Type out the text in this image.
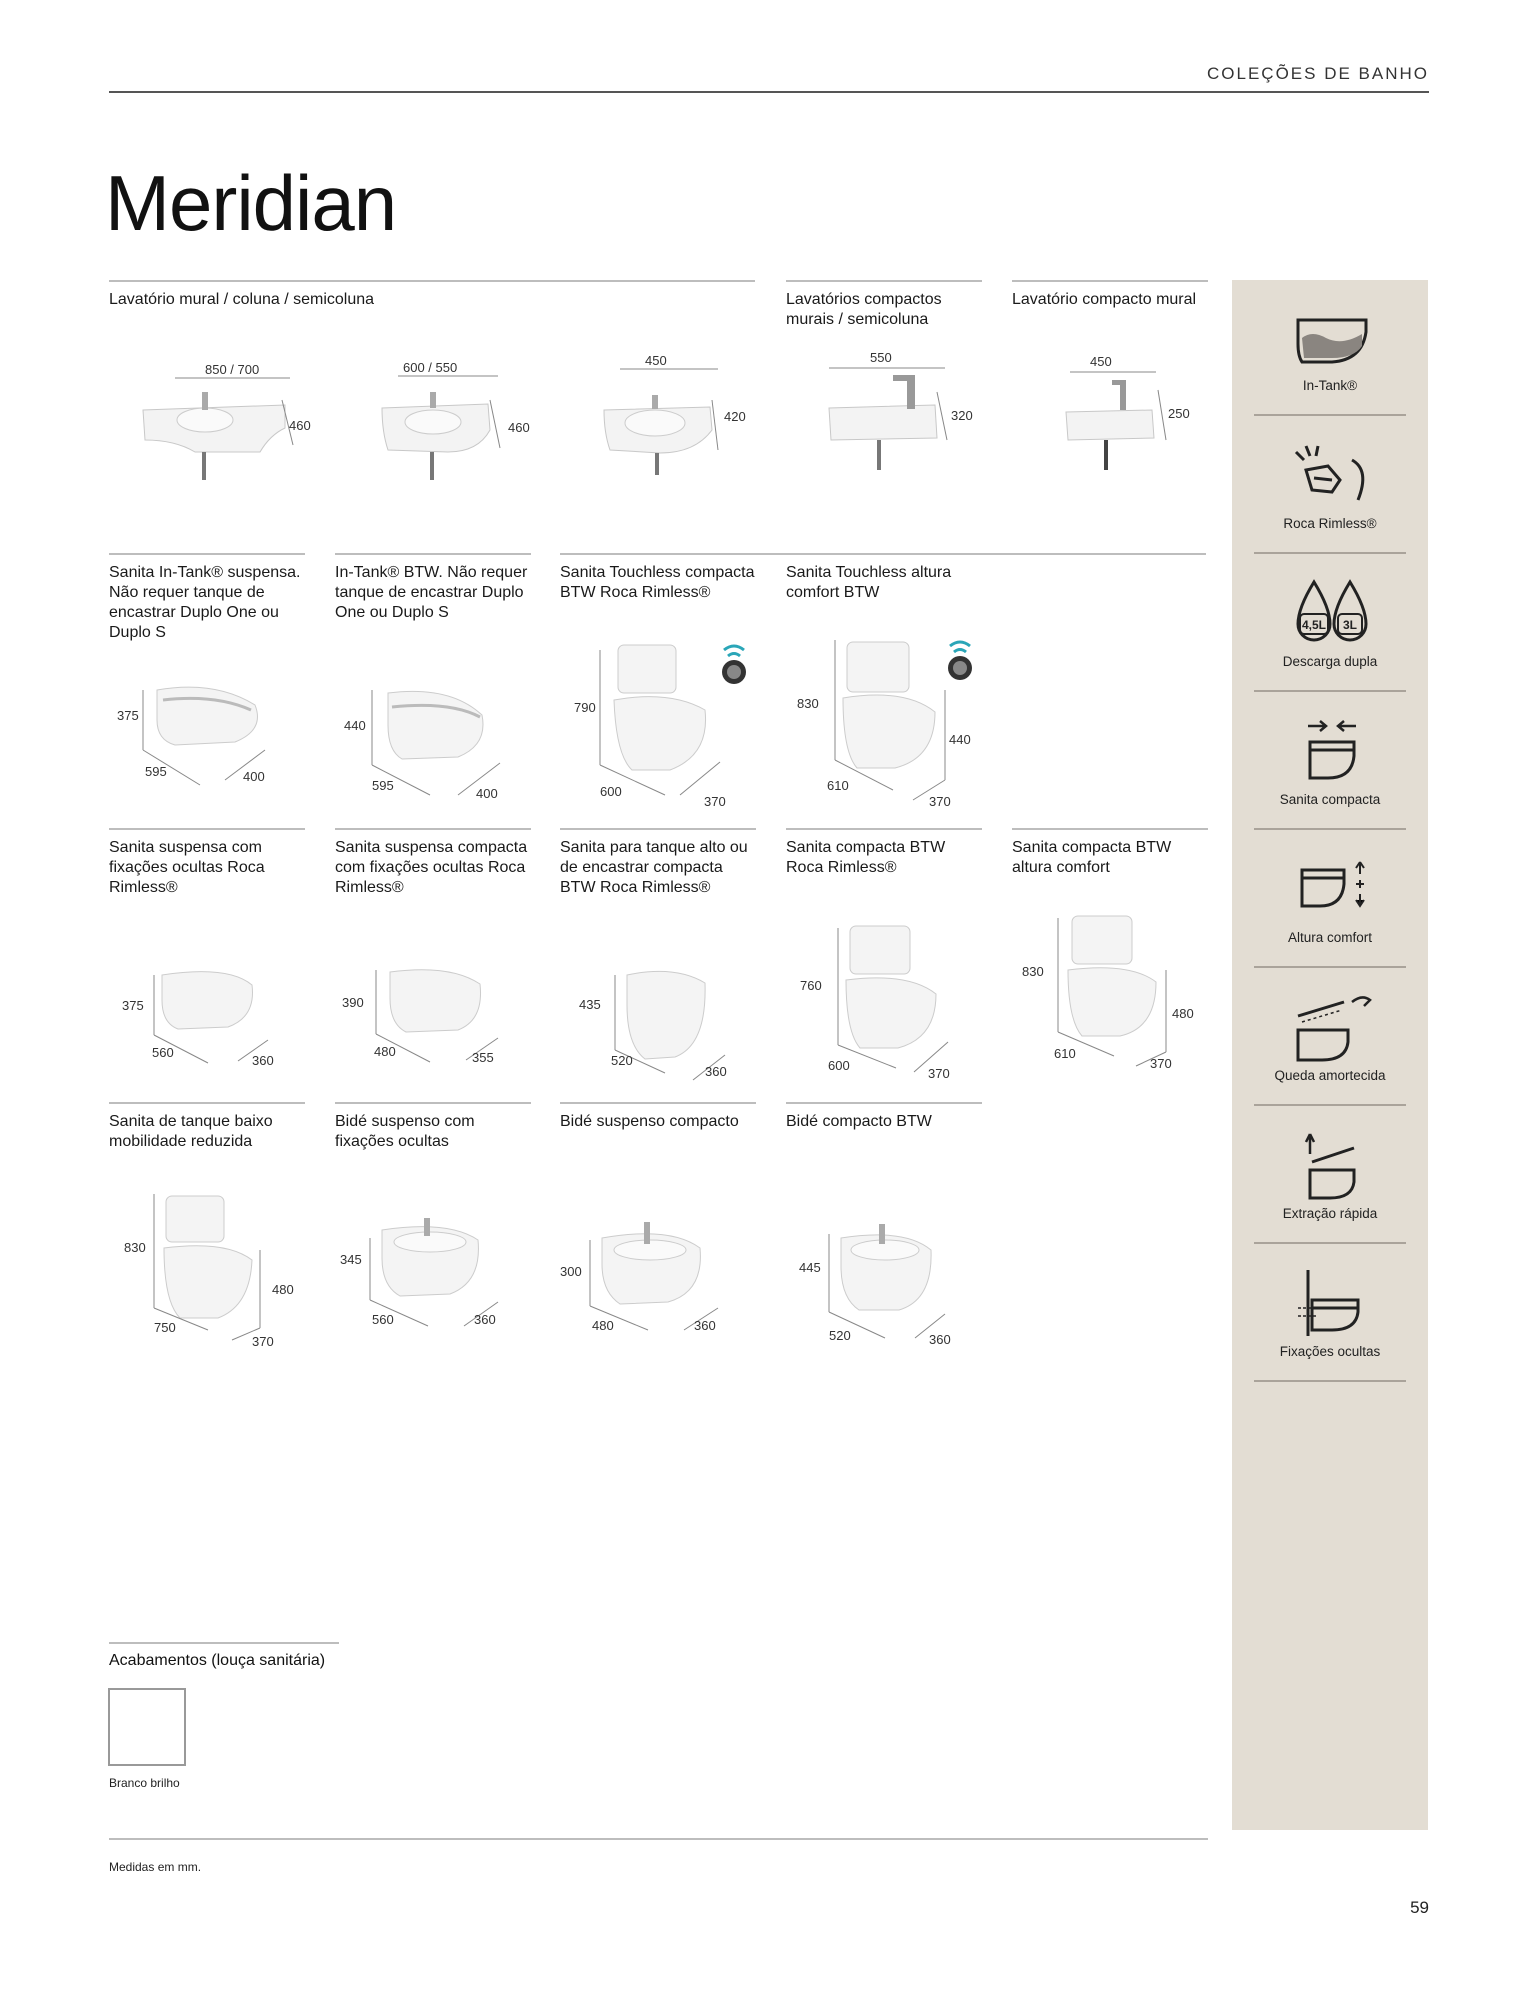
COLEÇÕES DE BANHO
Meridian
Lavatório mural / coluna / semicoluna	Lavatórios compactos murais / semicoluna
Lavatório compacto mural
850 / 700
460
600 / 550
460
450
420
550
320
450
250
Sanita In-Tank® suspensa. Não requer tanque de encastrar Duplo One ou Duplo S
In-Tank® BTW. Não requer tanque de encastrar Duplo One ou Duplo S
Sanita Touchless compacta BTW Roca Rimless®
Sanita Touchless altura comfort BTW
375
595	400
440
595
400
790
600
370
830
440
610
370
Sanita suspensa com fixações ocultas Roca Rimless®
Sanita suspensa compacta com fixações ocultas Roca Rimless®
Sanita para tanque alto ou de encastrar compacta BTW Roca Rimless®
Sanita compacta BTW Roca Rimless®
Sanita compacta BTW altura comfort
375
560
360
390
480	355
435
520
360
760
600
370
830
480
610
370
Sanita de tanque baixo mobilidade reduzida
Bidé suspenso com fixações ocultas
Bidé suspenso compacto	Bidé compacto BTW
830
480
750
370
345
560	360
300
480	360
445
520	360
In-Tank®
Roca Rimless®
4,5L 3L
Descarga dupla
Sanita compacta
Altura comfort
Queda amortecida
Extração rápida
Fixações ocultas
Acabamentos (louça sanitária)
Branco brilho
Medidas em mm.
59
